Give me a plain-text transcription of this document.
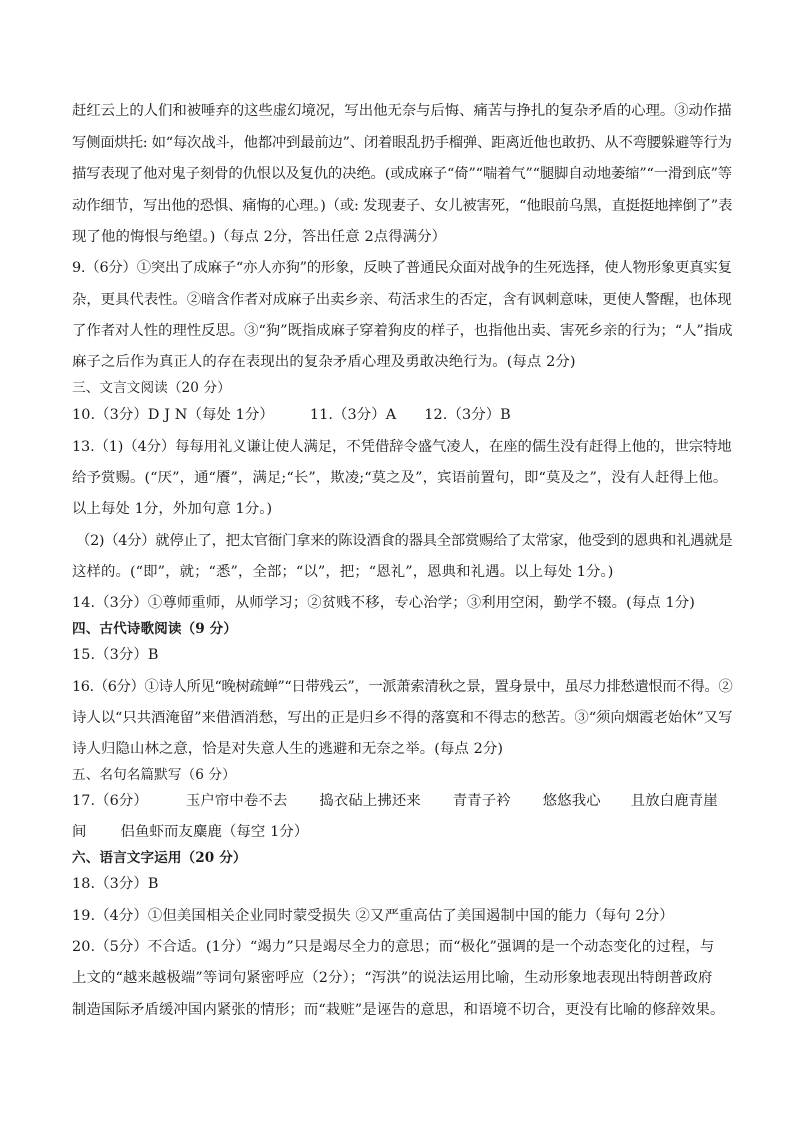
赶红云上的人们和被唾弃的这些虚幻境况，写出他无奈与后悔、痛苦与挣扎的复杂矛盾的心理。③动作描
写侧面烘托: 如“每次战斗，他都冲到最前边”、闭着眼乱扔手榴弹、距离近他也敢扔、从不弯腰躲避等行为
描写表现了他对鬼子刻骨的仇恨以及复仇的决绝。(或成麻子“倚”“喘着气”“腿脚自动地萎缩”“一滑到底”等
动作细节，写出他的恐惧、痛悔的心理。)（或: 发现妻子、女儿被害死，“他眼前乌黑，直挺挺地摔倒了”表
现了他的悔恨与绝望。)（每点 2分，答出任意 2点得满分）
9.（6分）①突出了成麻子“亦人亦狗”的形象，反映了普通民众面对战争的生死选择，使人物形象更真实复
杂，更具代表性。②暗含作者对成麻子出卖乡亲、苟活求生的否定，含有讽刺意味，更使人警醒，也体现
了作者对人性的理性反思。③“狗”既指成麻子穿着狗皮的样子，也指他出卖、害死乡亲的行为；“人”指成
麻子之后作为真正人的存在表现出的复杂矛盾心理及勇敢决绝行为。(每点 2分)
三、文言文阅读（20 分）
10.（3分）D J N（每处 1分）	11.（3分）A 12.（3分）B
13.（1)（4分）每每用礼义谦让使人满足，不凭借辞令盛气凌人，在座的儒生没有赶得上他的，世宗特地
给予赏赐。(“厌”，通“餍”，满足;“长”，欺凌;“莫之及”，宾语前置句，即“莫及之”，没有人赶得上他。
以上每处 1分，外加句意 1分。)
（2)（4分）就停止了，把太官衙门拿来的陈设酒食的器具全部赏赐给了太常家，他受到的恩典和礼遇就是
这样的。(“即”，就；“悉”，全部；“以”，把；“恩礼”，恩典和礼遇。以上每处 1分。)
14.（3分）①尊师重师，从师学习；②贫贱不移，专心治学；③利用空闲，勤学不辍。(每点 1分)
四、古代诗歌阅读（9 分）
15.（3分）B
16.（6分）①诗人所见“晚树疏蝉”“日带残云”，一派萧索清秋之景，置身景中，虽尽力排愁遣恨而不得。②
诗人以“只共酒淹留”来借酒消愁，写出的正是归乡不得的落寞和不得志的愁苦。③“须向烟霞老始休”又写
诗人归隐山林之意，恰是对失意人生的逃避和无奈之举。(每点 2分)
五、名句名篇默写（6 分）
17.（6分）	玉户帘中卷不去 捣衣砧上拂还来 青青子衿 悠悠我心 且放白鹿青崖
间 侣鱼虾而友麋鹿（每空 1分）
六、语言文字运用（20 分）
18.（3分）B
19.（4分）①但美国相关企业同时蒙受损失 ②又严重高估了美国遏制中国的能力（每句 2分）
20.（5分）不合适。(1分）“竭力”只是竭尽全力的意思；而“极化”强调的是一个动态变化的过程，与
上文的“越来越极端”等词句紧密呼应（2分）；“泻洪”的说法运用比喻，生动形象地表现出特朗普政府
制造国际矛盾缓冲国内紧张的情形；而“栽赃”是诬告的意思，和语境不切合，更没有比喻的修辞效果。
